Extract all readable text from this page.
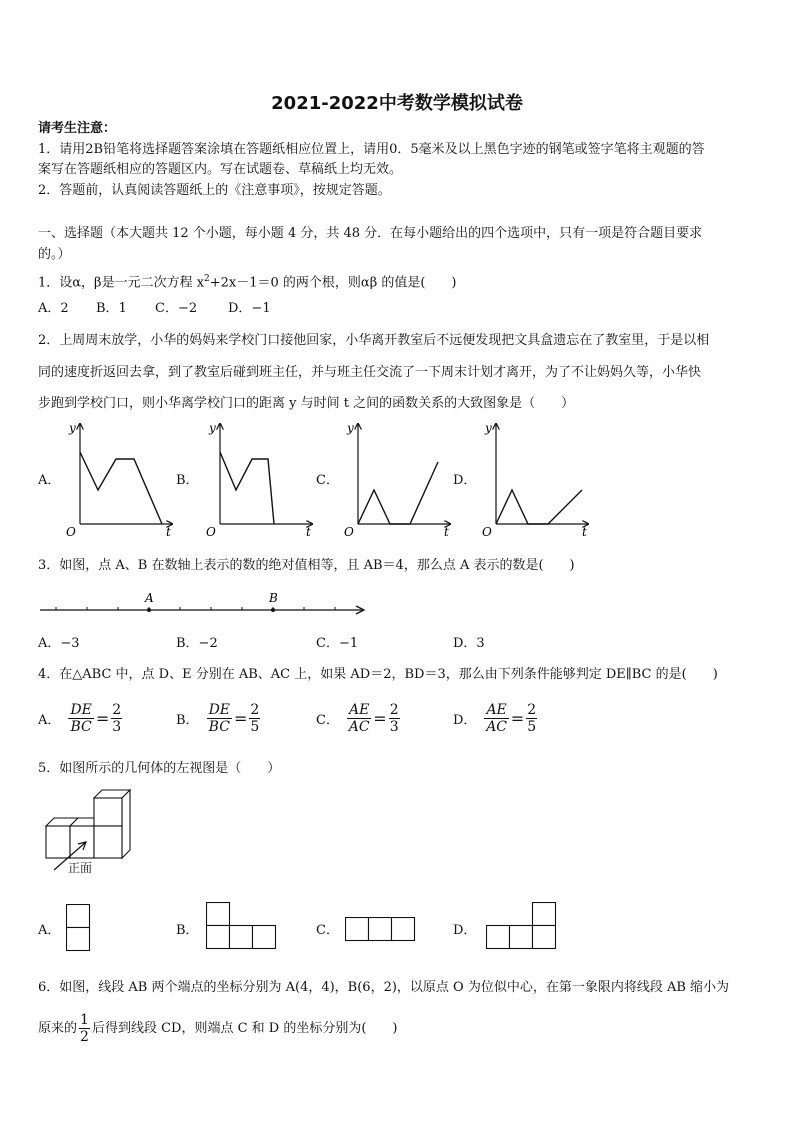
2021-2022中考数学模拟试卷
请考生注意：
1．请用2B铅笔将选择题答案涂填在答题纸相应位置上，请用0．5毫米及以上黑色字迹的钢笔或签字笔将主观题的答
案写在答题纸相应的答题区内。写在试题卷、草稿纸上均无效。
2．答题前，认真阅读答题纸上的《注意事项》，按规定答题。
一、选择题（本大题共 12 个小题，每小题 4 分，共 48 分．在每小题给出的四个选项中，只有一项是符合题目要求
的。）
1．设α，β是一元二次方程 $x^2+2x-1=0$ 的两个根，则αβ 的值是(　　)
A．2 B．1 C．−2 D．−1
2．上周周末放学，小华的妈妈来学校门口接他回家，小华离开教室后不远便发现把文具盒遗忘在了教室里，于是以相
同的速度折返回去拿，到了教室后碰到班主任，并与班主任交流了一下周末计划才离开，为了不让妈妈久等，小华快
步跑到学校门口，则小华离学校门口的距离 y 与时间 t 之间的函数关系的大致图象是（　　）
A．	B．	C．	D．
y
t
O
y
t
O
y
t
O
y
t
O
3．如图，点 A、B 在数轴上表示的数的绝对值相等，且 AB＝4，那么点 A 表示的数是(　　)
A	B
A．−3	B．−2	C．−1	D．3
4．在△ABC 中，点 D、E 分别在 AB、AC 上，如果 AD＝2，BD＝3，那么由下列条件能够判定 DE∥BC 的是(　　)
A． $\frac{DE}{BC} = \frac{2}{3}$	B． $\frac{DE}{BC} = \frac{2}{5}$	C． $\frac{AE}{AC} = \frac{2}{3}$	D． $\frac{AE}{AC} = \frac{2}{5}$
5．如图所示的几何体的左视图是（　　）
正面
A．	B．	C．	D．
6．如图，线段 AB 两个端点的坐标分别为 A(4，4)，B(6，2)，以原点 O 为位似中心，在第一象限内将线段 AB 缩小为
原来的 $\frac{1}{2}$ 后得到线段 CD，则端点 C 和 D 的坐标分别为(　　)
